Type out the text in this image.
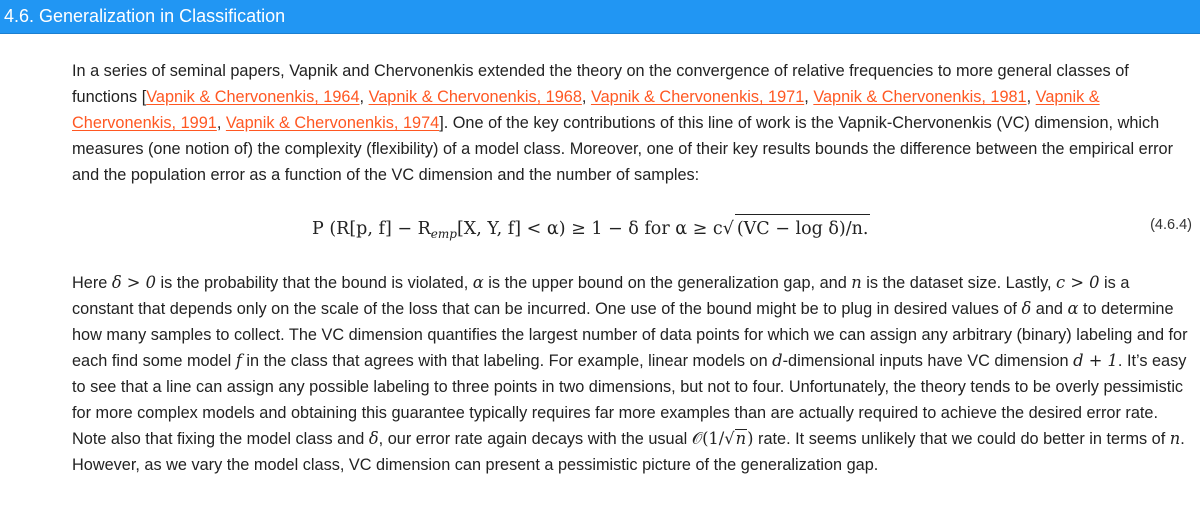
4.6. Generalization in Classification

In a series of seminal papers, Vapnik and Chervonenkis extended the theory on the convergence of relative frequencies to more general classes of functions [Vapnik & Chervonenkis, 1964, Vapnik & Chervonenkis, 1968, Vapnik & Chervonenkis, 1971, Vapnik & Chervonenkis, 1981, Vapnik & Chervonenkis, 1991, Vapnik & Chervonenkis, 1974]. One of the key contributions of this line of work is the Vapnik-Chervonenkis (VC) dimension, which measures (one notion of) the complexity (flexibility) of a model class. Moreover, one of their key results bounds the difference between the empirical error and the population error as a function of the VC dimension and the number of samples:

P (R[p, $f] - R_{emp}[X$, Y, f] < α) ≥ 1 − δ for α ≥ c√ (VC − log δ)/n.	(4.6.4)

Here δ > 0 is the probability that the bound is violated, α is the upper bound on the generalization gap, and n is the dataset size. Lastly, c > 0 is a constant that depends only on the scale of the loss that can be incurred. One use of the bound might be to plug in desired values of δ and α to determine how many samples to collect. The VC dimension quantifies the largest number of data points for which we can assign any arbitrary (binary) labeling and for each find some model f in the class that agrees with that labeling. For example, linear models on d-dimensional inputs have VC dimension d + 1. It’s easy to see that a line can assign any possible labeling to three points in two dimensions, but not to four. Unfortunately, the theory tends to be overly pessimistic for more complex models and obtaining this guarantee typically requires far more examples than are actually required to achieve the desired error rate. Note also that fixing the model class and δ, our error rate again decays with the usual 𝒪(1/√n) rate. It seems unlikely that we could do better in terms of n. However, as we vary the model class, VC dimension can present a pessimistic picture of the generalization gap.
